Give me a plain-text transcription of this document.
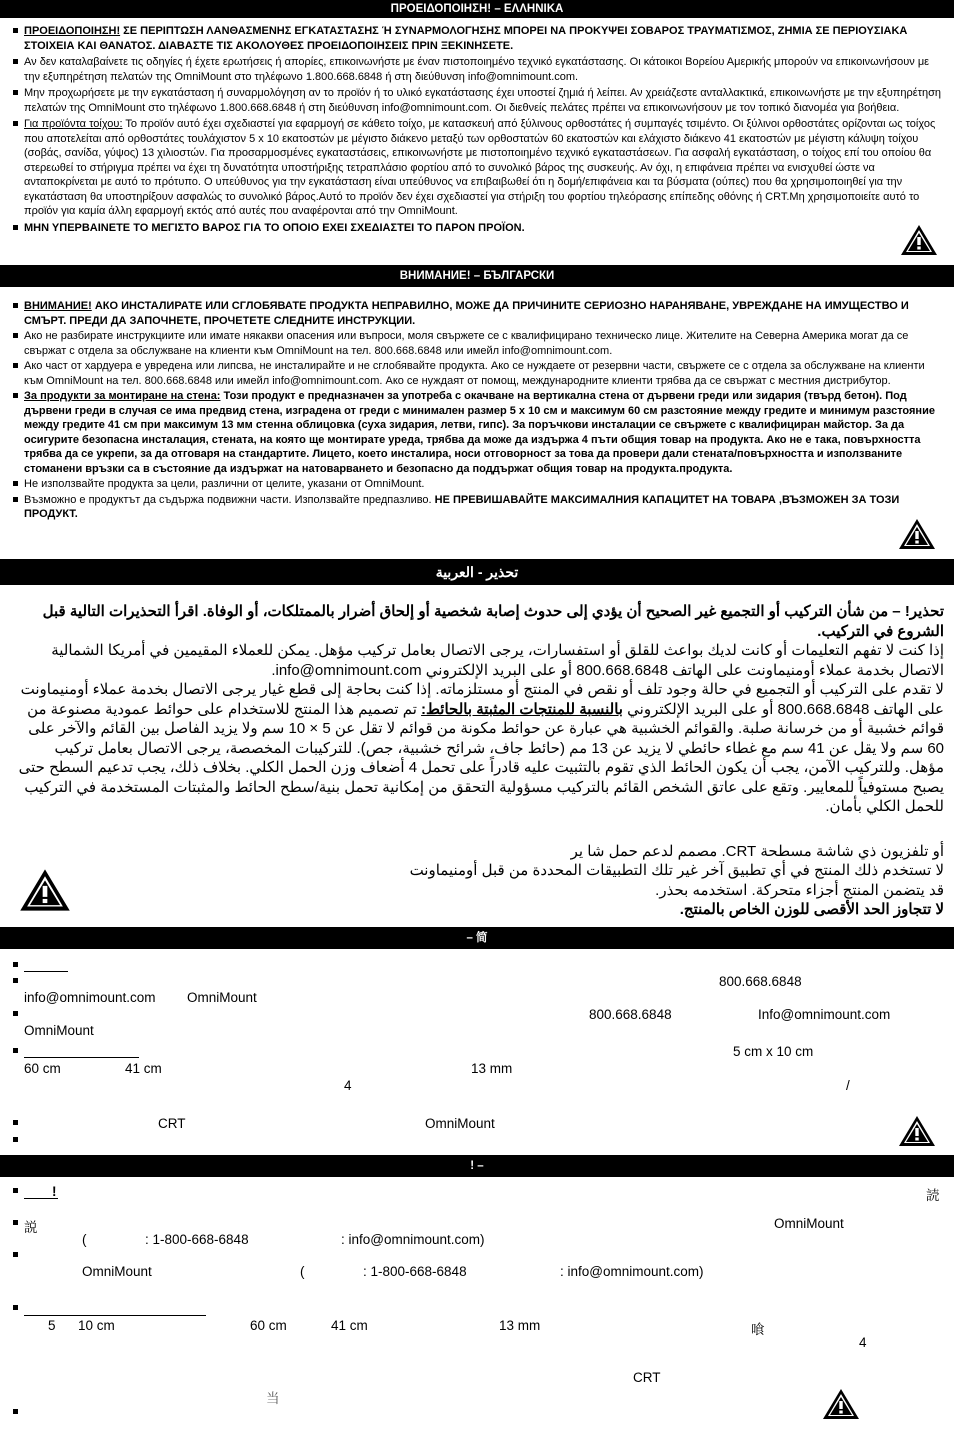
ΠΡΟΕΙΔΟΠΟΙΗΣΗ! – ΕΛΛΗΝΙΚΑ

ΠΡΟΕΙΔΟΠΟΙΗΣΗ! ΣΕ ΠΕΡΙΠΤΩΣΗ ΛΑΝΘΑΣΜΕΝΗΣ ΕΓΚΑΤΑΣΤΑΣΗΣ Ή ΣΥΝΑΡΜΟΛΟΓΗΣΗΣ ΜΠΟΡΕΙ ΝΑ ΠΡΟΚΥΨΕΙ ΣΟΒΑΡΟΣ ΤΡΑΥΜΑΤΙΣΜΟΣ, ΖΗΜΙΑ ΣΕ ΠΕΡΙΟΥΣΙΑΚΑ ΣΤΟΙΧΕΙΑ ΚΑΙ ΘΑΝΑΤΟΣ. ΔΙΑΒΑΣΤΕ ΤΙΣ ΑΚΟΛΟΥΘΕΣ ΠΡΟΕΙΔΟΠΟΙΗΣΕΙΣ ΠΡΙΝ ΞΕΚΙΝΗΣΕΤΕ.

Αν δεν καταλαβαίνετε τις οδηγίες ή έχετε ερωτήσεις ή απορίες, επικοινωνήστε με έναν πιστοποιημένο τεχνικό εγκατάστασης. Οι κάτοικοι Βορείου Αμερικής μπορούν να επικοινωνήσουν με την εξυπηρέτηση πελατών της OmniMount στο τηλέφωνο 1.800.668.6848 ή στη διεύθυνση info@omnimount.com.

Μην προχωρήσετε με την εγκατάσταση ή συναρμολόγηση αν το προϊόν ή το υλικό εγκατάστασης έχει υποστεί ζημιά ή λείπει. Αν χρειάζεστε ανταλλακτικά, επικοινωνήστε με την εξυπηρέτηση πελατών της OmniMount στο τηλέφωνο 1.800.668.6848 ή στη διεύθυνση info@omnimount.com. Οι διεθνείς πελάτες πρέπει να επικοινωνήσουν με τον τοπικό διανομέα για βοήθεια.

Για προϊόντα τοίχου: Το προϊόν αυτό έχει σχεδιαστεί για εφαρμογή σε κάθετο τοίχο, με κατασκευή από ξύλινους ορθοστάτες ή συμπαγές τσιμέντο. Οι ξύλινοι ορθοστάτες ορίζονται ως τοίχος που αποτελείται από ορθοστάτες τουλάχιστον 5 x 10 εκατοστών με μέγιστο διάκενο μεταξύ των ορθοστατών 60 εκατοστών και ελάχιστο διάκενο 41 εκατοστών με μέγιστη κάλυψη τοίχου (σοβάς, σανίδα, γύψος) 13 χιλιοστών. Για προσαρμοσμένες εγκαταστάσεις, επικοινωνήστε με πιστοποιημένο τεχνικό εγκαταστάσεων. Για ασφαλή εγκατάσταση, ο τοίχος επί του οποίου θα στερεωθεί το στήριγμα πρέπει να έχει τη δυνατότητα υποστήριξης τετραπλάσιο φορτίου από το συνολικό βάρος της συσκευής. Αν όχι, η επιφάνεια πρέπει να ενισχυθεί ώστε να ανταποκρίνεται με αυτό το πρότυπο. Ο υπεύθυνος για την εγκατάσταση είναι υπεύθυνος να επιβαιβωθεί ότι η δομή/επιφάνεια και τα βύσματα (ούπες) που θα χρησιμοποιηθεί για την εγκατάσταση θα υποστηρίξουν ασφαλώς το συνολικό βάρος.Αυτό το προϊόν δεν έχει σχεδιαστεί για στήριξη του φορτίου τηλεόρασης επίπεδης οθόνης ή CRT.Μη χρησιμοποιείτε αυτό το προϊόν για καμία άλλη εφαρμογή εκτός από αυτές που αναφέρονται από την OmniMount.

ΜΗΝ ΥΠΕΡΒΑΙΝΕΤΕ ΤΟ ΜΕΓΙΣΤΟ ΒΑΡΟΣ ΓΙΑ ΤΟ ΟΠΟΙΟ ΕΧΕΙ ΣΧΕΔΙΑΣΤΕΙ ΤΟ ΠΑΡΟΝ ΠΡΟΪΟΝ.

ВНИМАНИЕ! – БЪЛГАРСКИ

ВНИМАНИЕ! АКО ИНСТАЛИРАТЕ ИЛИ СГЛОБЯВАТЕ ПРОДУКТА НЕПРАВИЛНО, МОЖЕ ДА ПРИЧИНИТЕ СЕРИОЗНО НАРАНЯВАНЕ, УВРЕЖДАНЕ НА ИМУЩЕСТВО И СМЪРТ. ПРЕДИ ДА ЗАПОЧНЕТЕ, ПРОЧЕТЕТЕ СЛЕДНИТЕ ИНСТРУКЦИИ.

Ако не разбирате инструкциите или имате някакви опасения или въпроси, моля свържете се с квалифицирано техническо лице. Жителите на Северна Америка могат да се свържат с отдела за обслужване на клиенти към OmniMount на тел. 800.668.6848 или имейл info@omnimount.com.

Ако част от хардуера е увредена или липсва, не инсталирайте и не сглобявайте продукта. Ако се нуждаете от резервни части, свържете се с отдела за обслужване на клиенти към OmniMount на тел. 800.668.6848 или имейл info@omnimount.com. Ако се нуждаят от помощ, международните клиенти трябва да се свържат с местния дистрибутор.

За продукти за монтиране на стена: Този продукт е предназначен за употреба с окачване на вертикална стена от дървени греди или зидария (твърд бетон). Под дървени греди в случая се има предвид стена, изградена от греди с минимален размер 5 x 10 см и максимум 60 см разстояние между гредите и минимум разстояние между гредите 41 см при максимум 13 мм стенна облицовка (суха зидария, летви, гипс). За поръчкови инсталации се свържете с квалифициран майстор. За да осигурите безопасна инсталация, стената, на която ще монтирате уреда, трябва да може да издържа 4 пъти общия товар на продукта. Ако не е така, повърхността трябва да се укрепи, за да отговаря на стандартите. Лицето, което инсталира, носи отговорност за това да провери дали стената/повърхността и използваните стоманени връзки са в състояние да издържат на натоварването и безопасно да поддържат общия товар на продукта.продукта.

Не използвайте продукта за цели, различни от целите, указани от OmniMount.

Възможно е продуктът да съдържа подвижни части. Използвайте предпазливо. НЕ ПРЕВИШАВАЙТЕ МАКСИМАЛНИЯ КАПАЦИТЕТ НА ТОВАРА ,ВЪЗМОЖЕН ЗА ТОЗИ ПРОДУКТ.

تحذير - العربية

تحذير! – من شأن التركيب أو التجميع غير الصحيح أن يؤدي إلى حدوث إصابة شخصية أو إلحاق أضرار بالممتلكات، أو الوفاة. اقرأ التحذيرات التالية قبل الشروع في التركيب.

إذا كنت لا تفهم التعليمات أو كانت لديك بواعث للقلق أو استفسارات، يرجى الاتصال بعامل تركيب مؤهل. يمكن للعملاء المقيمين في أمريكا الشمالية الاتصال بخدمة عملاء أومنيماونت على الهاتف 800.668.6848 أو على البريد الإلكتروني info@omnimount.com.

لا تقدم على التركيب أو التجميع في حالة وجود تلف أو نقص في المنتج أو مستلزماته. إذا كنت بحاجة إلى قطع غيار يرجى الاتصال بخدمة عملاء أومنيماونت على الهاتف 800.668.6848 أو على البريد الإلكتروني بالنسبة للمنتجات المثبتة بالحائط: تم تصميم هذا المنتج للاستخدام على حوائط عمودية مصنوعة من قوائم خشبية أو من خرسانة صلبة. والقوائم الخشبية هي عبارة عن حوائط مكونة من قوائم لا تقل عن 5 × 10 سم ولا يزيد الفاصل بين القائم والآخر على 60 سم ولا يقل عن 41 سم مع غطاء حائطي لا يزيد عن 13 مم (حائط جاف، شرائح خشبية، جص). للتركيبات المخصصة، يرجى الاتصال بعامل تركيب مؤهل. وللتركيب الآمن، يجب أن يكون الحائط الذي تقوم بالتثبيت عليه قادراً على تحمل 4 أضعاف وزن الحمل الكلي. بخلاف ذلك، يجب تدعيم السطح حتى يصبح مستوفياً للمعايير. وتقع على عاتق الشخص القائم بالتركيب مسؤولية التحقق من إمكانية تحمل بنية/سطح الحائط والمثبتات المستخدمة في التركيب للحمل الكلي بأمان.

أو تلفزيون ذي شاشة مسطحة CRT. مصمم لدعم حمل شا ير

لا تستخدم ذلك المنتج في أي تطبيق آخر غير تلك التطبيقات المحددة من قبل أومنيماونت

قد يتضمن المنتج أجزاء متحركة. استخدمه بحذر.

لا تتجاوز الحد الأقصى للوزن الخاص بالمنتج.

– 简
800.668.6848
info@omnimount.com OmniMount
800.668.6848	Info@omnimount.com
OmniMount
5 cm x 10 cm
60 cm	41 cm	13 mm
4	/
CRT	OmniMount
! –
!	読
説	OmniMount
(	: 1-800-668-6848	: info@omnimount.com)
OmniMount	(	: 1-800-668-6848	: info@omnimount.com)
5 10 cm	60 cm	41 cm	13 mm	喰
4
CRT
当
